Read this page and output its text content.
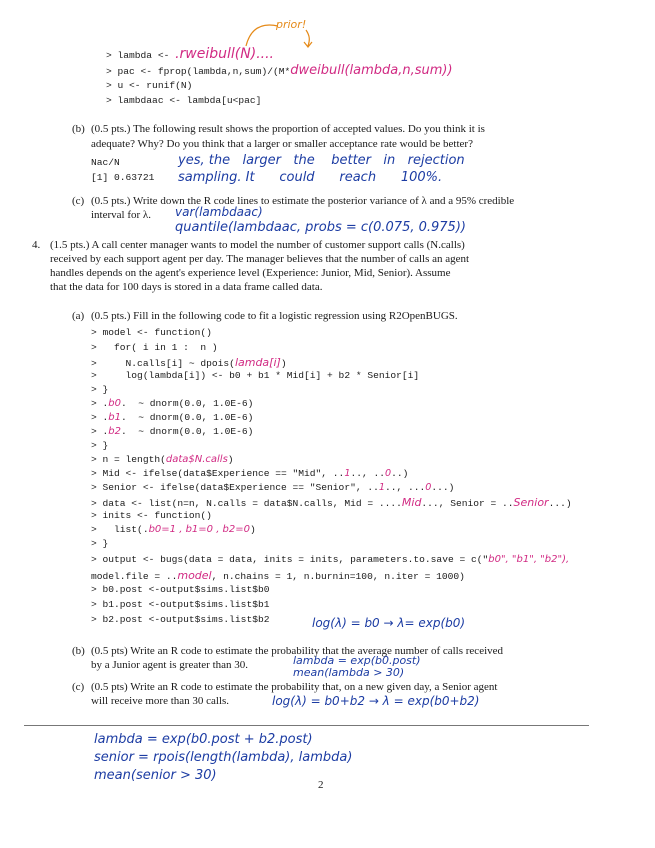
prior!
> lambda <- .rweibull(N)....
> pac <- fprop(lambda,n,sum)/(M*dweibull(lambda,n,sum))
> u <- runif(N)
> lambdaac <- lambda[u<pac]
(b) (0.5 pts.) The following result shows the proportion of accepted values. Do you think it is
adequate? Why? Do you think that a larger or smaller acceptance rate would be better?
Nac/N
[1] 0.63721
yes, the   larger   the    better   in   rejection
sampling. It      could      reach      100%.
(c) (0.5 pts.) Write down the R code lines to estimate the posterior variance of λ and a 95% credible
interval for λ. var(lambdaac)
quantile(lambdaac, probs = c(0.075, 0.975))
4. (1.5 pts.) A call center manager wants to model the number of customer support calls (N.calls)
received by each support agent per day. The manager believes that the number of calls an agent
handles depends on the agent's experience level (Experience: Junior, Mid, Senior). Assume
that the data for 100 days is stored in a data frame called data.
(a) (0.5 pts.) Fill in the following code to fit a logistic regression using R2OpenBUGS.
> model <- function()
>   for( i in 1 :  n )
>     N.calls[i] ~ dpois(lamda[i])
>     log(lambda[i]) <- b0 + b1 * Mid[i] + b2 * Senior[i]
> }
> .b0.  ~ dnorm(0.0, 1.0E-6)
> .b1.  ~ dnorm(0.0, 1.0E-6)
> .b2.  ~ dnorm(0.0, 1.0E-6)
> }
> n = length(data$N.calls)
> Mid <- ifelse(data$Experience == "Mid", ..1.., ..0..)
> Senior <- ifelse(data$Experience == "Senior", ..1.., ...0...)
> data <- list(n=n, N.calls = data$N.calls, Mid = ....Mid..., Senior = ..Senior...)
> inits <- function()
>   list(.b0=1 , b1=0 , b2=0)
> }
> output <- bugs(data = data, inits = inits, parameters.to.save = c("b0", "b1", "b2"),
model.file = ..model, n.chains = 1, n.burnin=100, n.iter = 1000)
> b0.post <-output$sims.list$b0
> b1.post <-output$sims.list$b1
> b2.post <-output$sims.list$b2	log(λ) = b0 → λ= exp(b0)
(b) (0.5 pts) Write an R code to estimate the probability that the average number of calls received
by a Junior agent is greater than 30.	lambda = exp(b0.post)
mean(lambda > 30)
(c) (0.5 pts) Write an R code to estimate the probability that, on a new given day, a Senior agent
will receive more than 30 calls.	log(λ) = b0+b2 → λ = exp(b0+b2)
lambda = exp(b0.post + b2.post)
senior = rpois(length(lambda), lambda)
mean(senior > 30)
2
